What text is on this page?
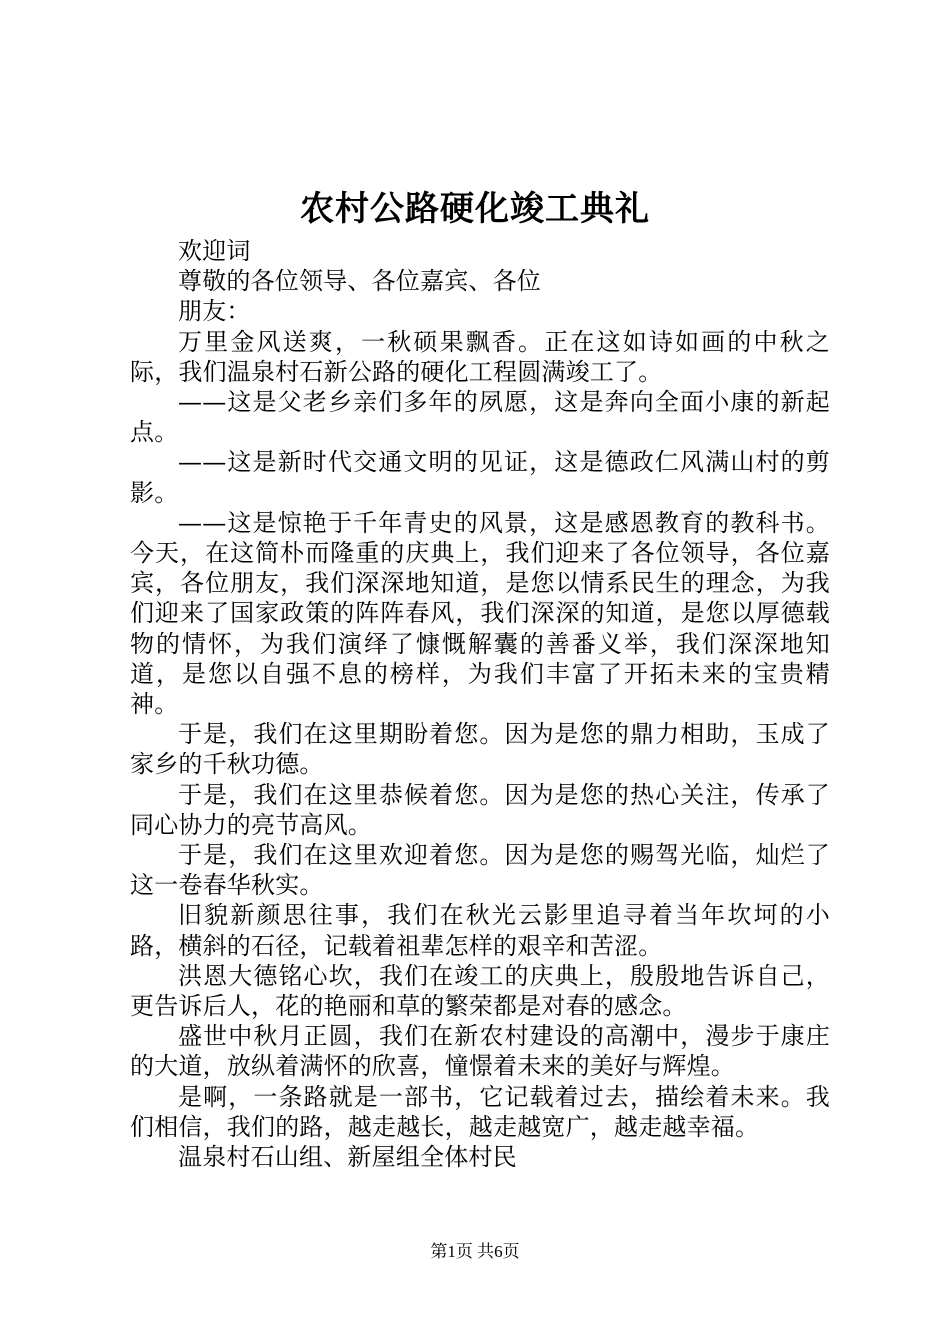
农村公路硬化竣工典礼

欢迎词

尊敬的各位领导、各位嘉宾、各位

朋友：

万里金风送爽，一秋硕果飘香。正在这如诗如画的中秋之际，我们温泉村石新公路的硬化工程圆满竣工了。

——这是父老乡亲们多年的夙愿，这是奔向全面小康的新起点。

——这是新时代交通文明的见证，这是德政仁风满山村的剪影。

——这是惊艳于千年青史的风景，这是感恩教育的教科书。今天，在这简朴而隆重的庆典上，我们迎来了各位领导，各位嘉宾，各位朋友，我们深深地知道，是您以情系民生的理念，为我们迎来了国家政策的阵阵春风，我们深深的知道，是您以厚德载物的情怀，为我们演绎了慷慨解囊的善番义举，我们深深地知道，是您以自强不息的榜样，为我们丰富了开拓未来的宝贵精神。

于是，我们在这里期盼着您。因为是您的鼎力相助，玉成了家乡的千秋功德。

于是，我们在这里恭候着您。因为是您的热心关注，传承了同心协力的亮节高风。

于是，我们在这里欢迎着您。因为是您的赐驾光临，灿烂了这一卷春华秋实。

旧貌新颜思往事，我们在秋光云影里追寻着当年坎坷的小路，横斜的石径，记载着祖辈怎样的艰辛和苦涩。

洪恩大德铭心坎，我们在竣工的庆典上，殷殷地告诉自己，更告诉后人，花的艳丽和草的繁荣都是对春的感念。

盛世中秋月正圆，我们在新农村建设的高潮中，漫步于康庄的大道，放纵着满怀的欣喜，憧憬着未来的美好与辉煌。

是啊，一条路就是一部书，它记载着过去，描绘着未来。我们相信，我们的路，越走越长，越走越宽广，越走越幸福。

温泉村石山组、新屋组全体村民

第1页 共6页
